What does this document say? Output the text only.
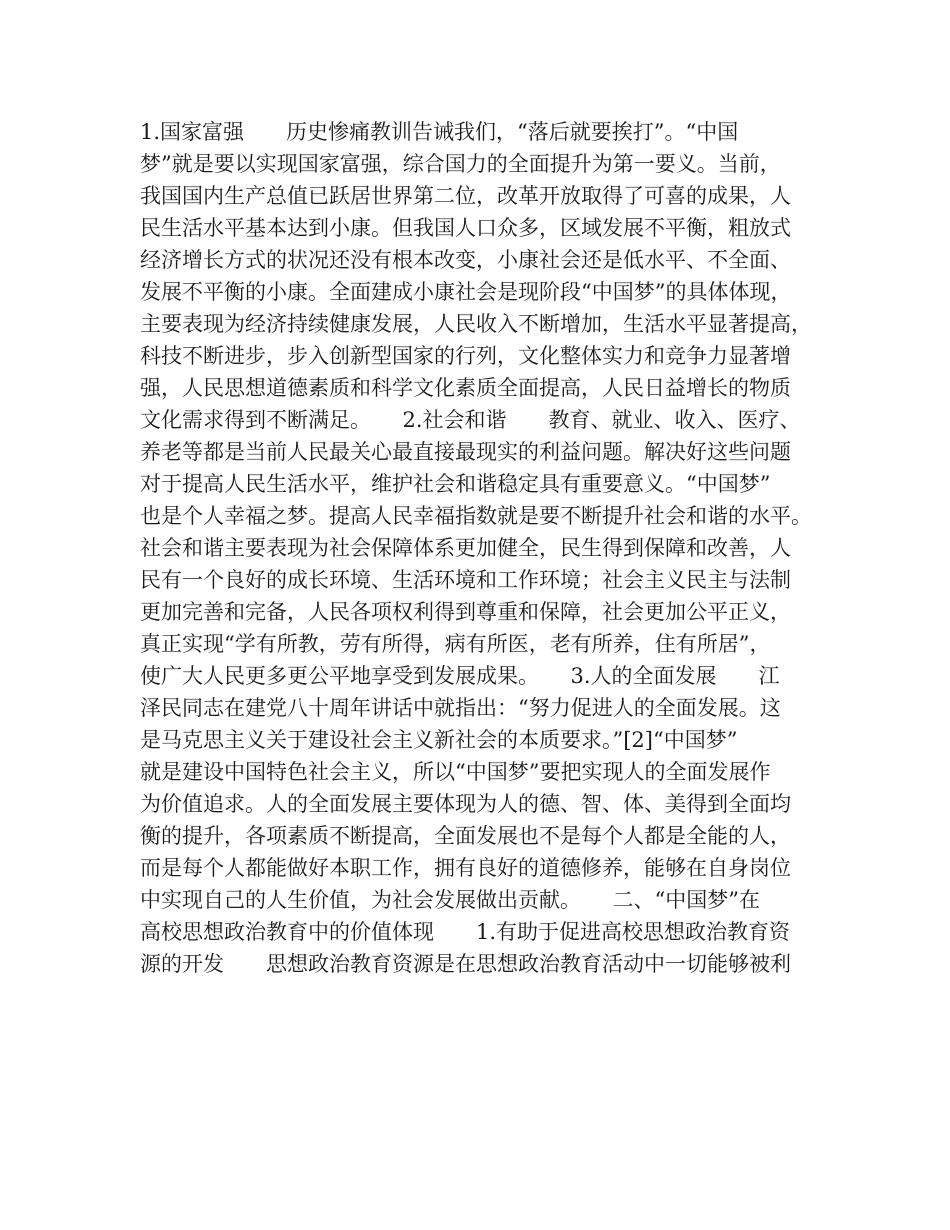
1.国家富强　　历史惨痛教训告诫我们，“落后就要挨打”。“中国
梦”就是要以实现国家富强，综合国力的全面提升为第一要义。当前，
我国国内生产总值已跃居世界第二位，改革开放取得了可喜的成果，人
民生活水平基本达到小康。但我国人口众多，区域发展不平衡，粗放式
经济增长方式的状况还没有根本改变，小康社会还是低水平、不全面、
发展不平衡的小康。全面建成小康社会是现阶段“中国梦”的具体体现，
主要表现为经济持续健康发展，人民收入不断增加，生活水平显著提高，
科技不断进步，步入创新型国家的行列，文化整体实力和竞争力显著增
强，人民思想道德素质和科学文化素质全面提高，人民日益增长的物质
文化需求得到不断满足。　　2.社会和谐　　教育、就业、收入、医疗、
养老等都是当前人民最关心最直接最现实的利益问题。解决好这些问题
对于提高人民生活水平，维护社会和谐稳定具有重要意义。“中国梦”
也是个人幸福之梦。提高人民幸福指数就是要不断提升社会和谐的水平。
社会和谐主要表现为社会保障体系更加健全，民生得到保障和改善，人
民有一个良好的成长环境、生活环境和工作环境；社会主义民主与法制
更加完善和完备，人民各项权利得到尊重和保障，社会更加公平正义，
真正实现“学有所教，劳有所得，病有所医，老有所养，住有所居”，
使广大人民更多更公平地享受到发展成果。　　3.人的全面发展　　江
泽民同志在建党八十周年讲话中就指出：“努力促进人的全面发展。这
是马克思主义关于建设社会主义新社会的本质要求。”[2]“中国梦”
就是建设中国特色社会主义，所以“中国梦”要把实现人的全面发展作
为价值追求。人的全面发展主要体现为人的德、智、体、美得到全面均
衡的提升，各项素质不断提高，全面发展也不是每个人都是全能的人，
而是每个人都能做好本职工作，拥有良好的道德修养，能够在自身岗位
中实现自己的人生价值，为社会发展做出贡献。　　二、“中国梦”在
高校思想政治教育中的价值体现　　1.有助于促进高校思想政治教育资
源的开发　　思想政治教育资源是在思想政治教育活动中一切能够被利
